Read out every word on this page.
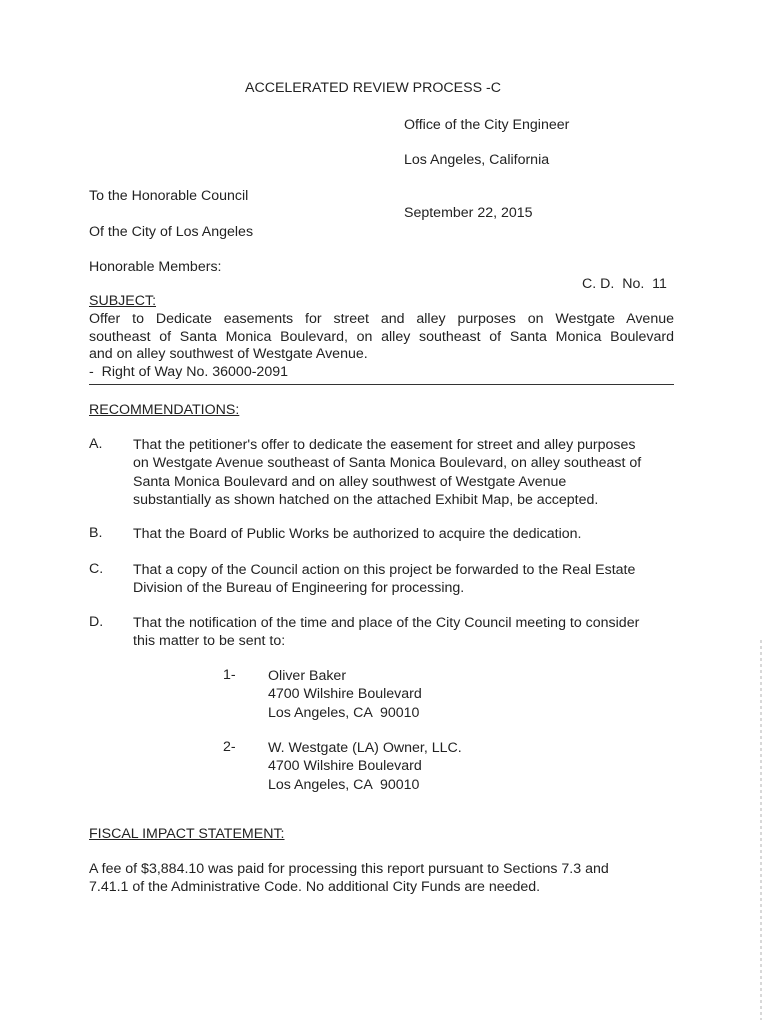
ACCELERATED REVIEW PROCESS -C
Office of the City Engineer
Los Angeles, California
To the Honorable Council
September 22, 2015
Of the City of Los Angeles
Honorable Members:
C. D.  No.  11
SUBJECT:
Offer to Dedicate easements for street and alley purposes on Westgate Avenue
southeast of Santa Monica Boulevard, on alley southeast of Santa Monica Boulevard
and on alley southwest of Westgate Avenue.
-  Right of Way No. 36000-2091
RECOMMENDATIONS:
A. That the petitioner's offer to dedicate the easement for street and alley purposes
on Westgate Avenue southeast of Santa Monica Boulevard, on alley southeast of
Santa Monica Boulevard and on alley southwest of Westgate Avenue
substantially as shown hatched on the attached Exhibit Map, be accepted.
B. That the Board of Public Works be authorized to acquire the dedication.
C. That a copy of the Council action on this project be forwarded to the Real Estate
Division of the Bureau of Engineering for processing.
D. That the notification of the time and place of the City Council meeting to consider
this matter to be sent to:
1- Oliver Baker
4700 Wilshire Boulevard
Los Angeles, CA  90010
2- W. Westgate (LA) Owner, LLC.
4700 Wilshire Boulevard
Los Angeles, CA  90010
FISCAL IMPACT STATEMENT:
A fee of $3,884.10 was paid for processing this report pursuant to Sections 7.3 and
7.41.1 of the Administrative Code. No additional City Funds are needed.
